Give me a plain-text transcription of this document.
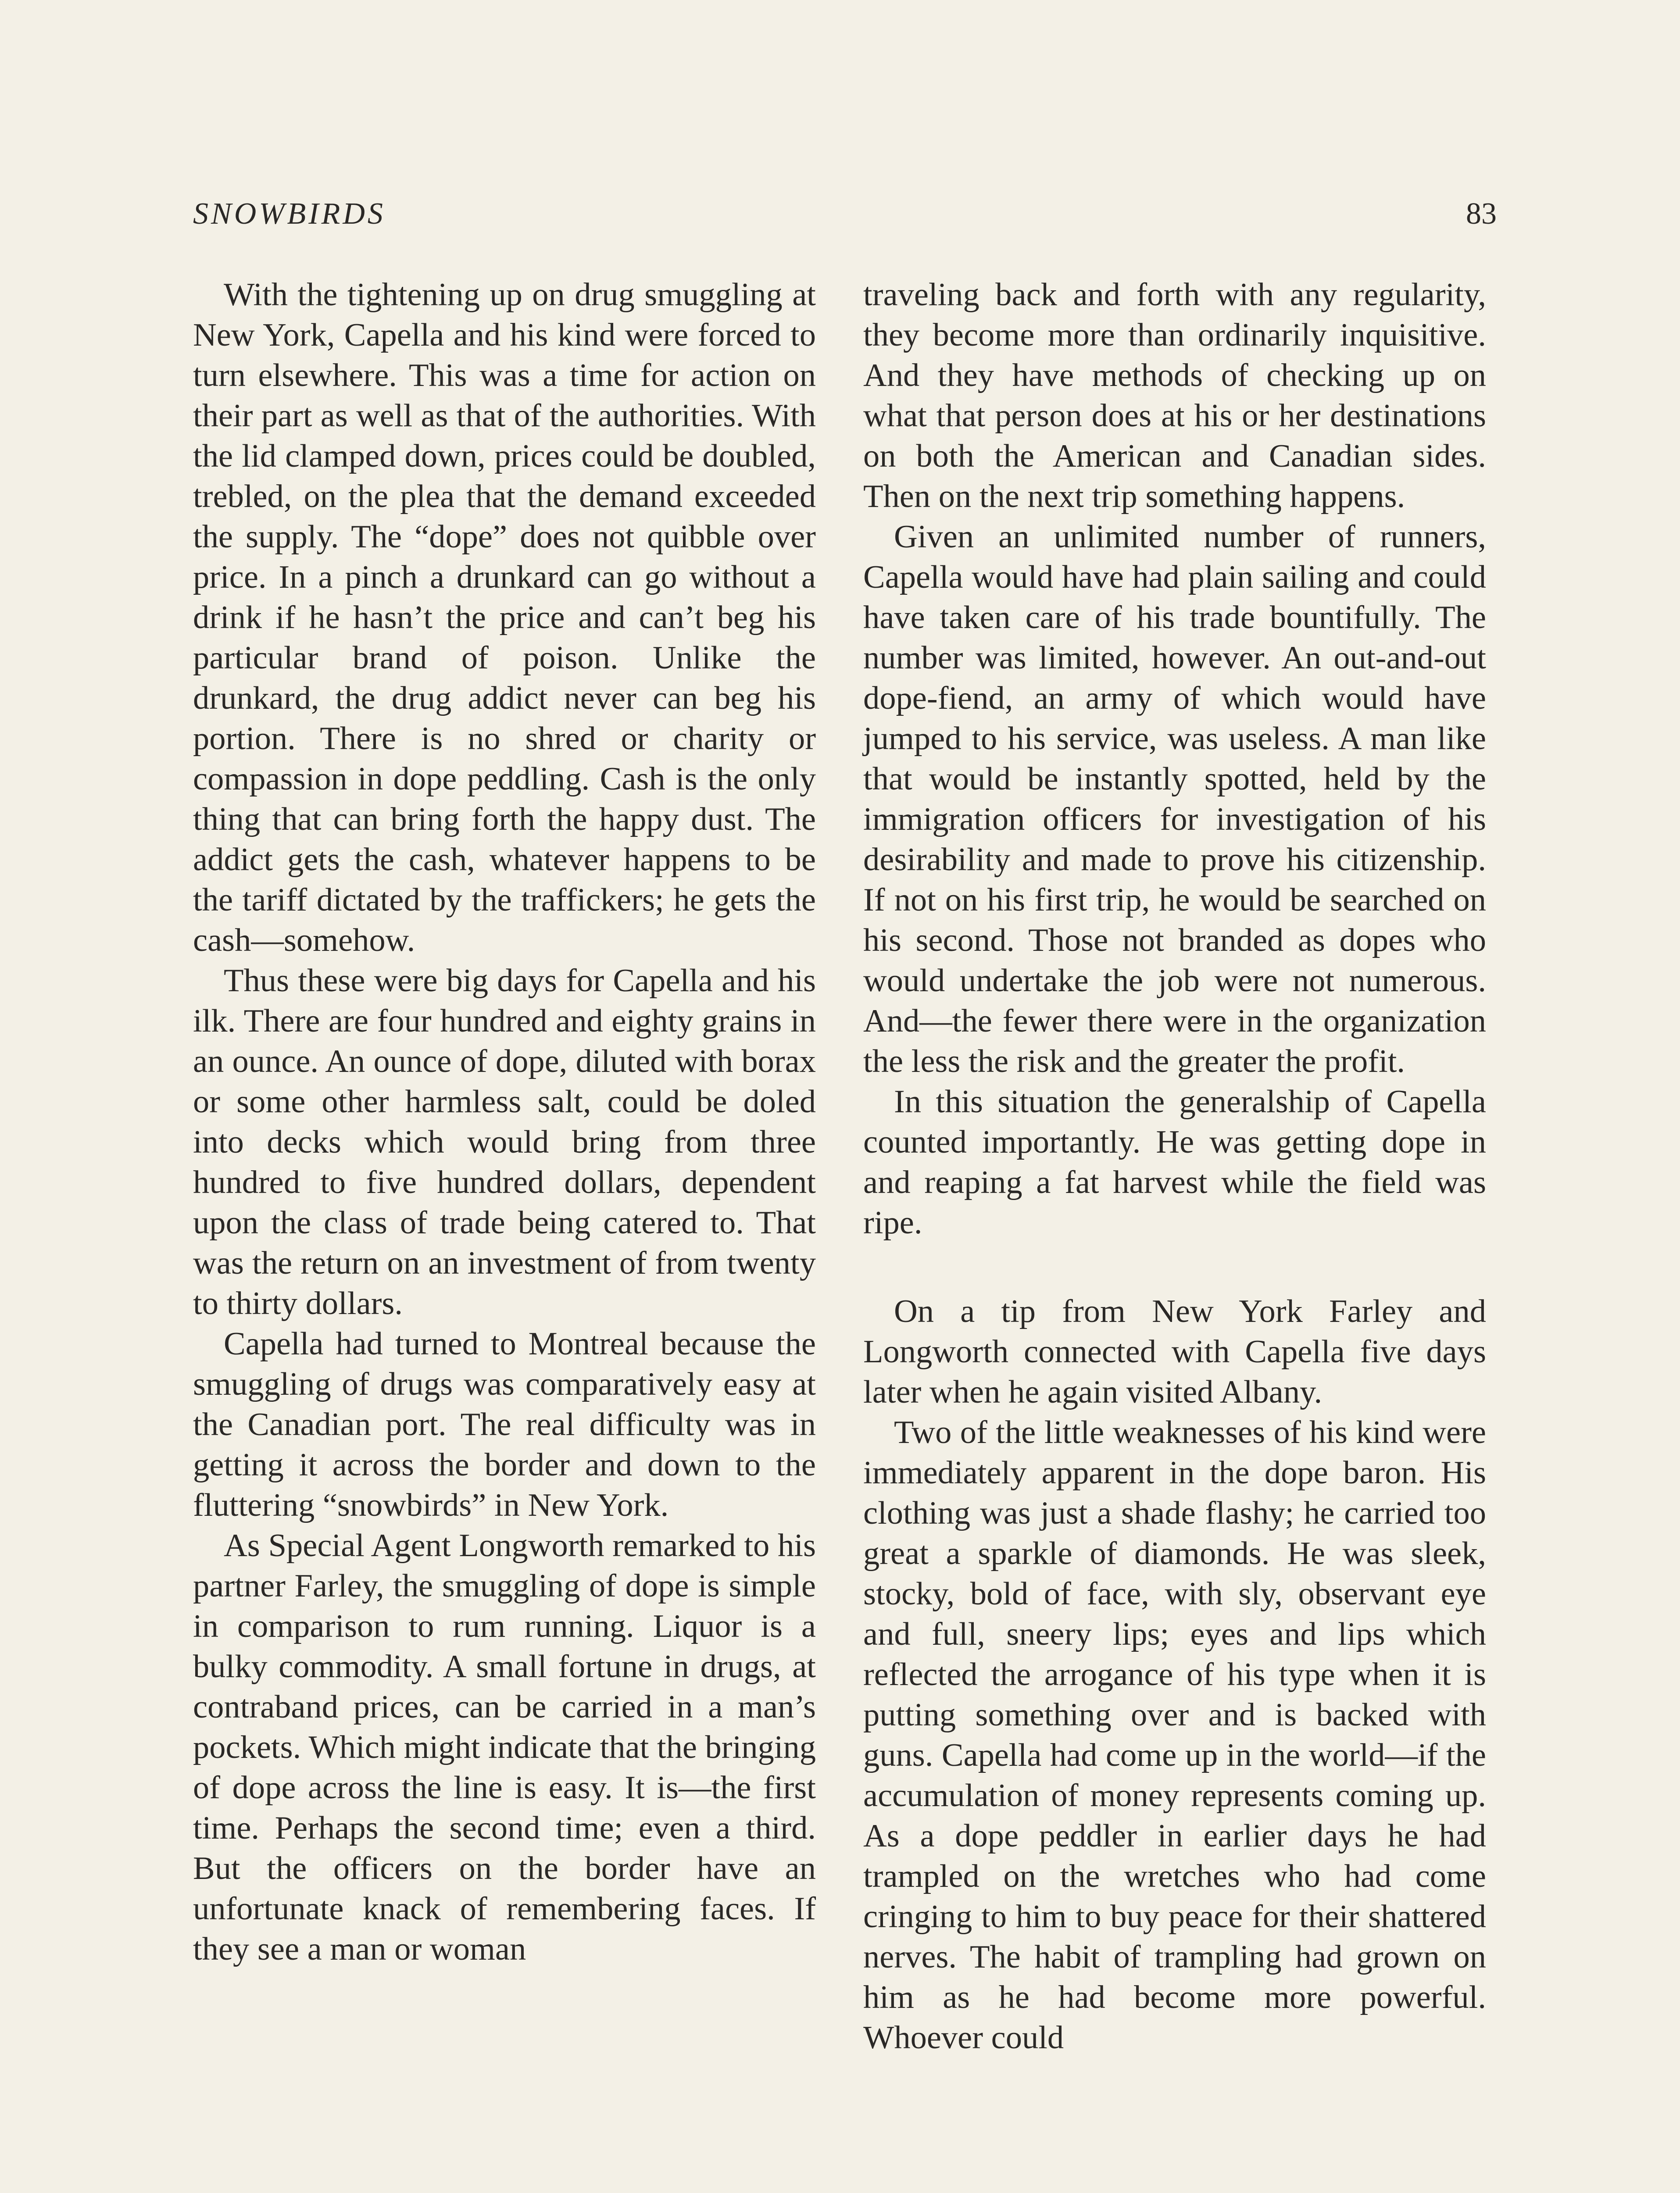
SNOWBIRDS	83

With the tightening up on drug smuggling at New York, Capella and his kind were forced to turn elsewhere. This was a time for action on their part as well as that of the authorities. With the lid clamped down, prices could be doubled, trebled, on the plea that the demand exceeded the supply. The “dope” does not quibble over price. In a pinch a drunkard can go without a drink if he hasn’t the price and can’t beg his particular brand of poison. Unlike the drunkard, the drug addict never can beg his portion. There is no shred or charity or compassion in dope peddling. Cash is the only thing that can bring forth the happy dust. The addict gets the cash, whatever happens to be the tariff dictated by the traffickers; he gets the cash—somehow.

Thus these were big days for Capella and his ilk. There are four hundred and eighty grains in an ounce. An ounce of dope, diluted with borax or some other harmless salt, could be doled into decks which would bring from three hundred to five hundred dollars, dependent upon the class of trade being catered to. That was the return on an investment of from twenty to thirty dollars.

Capella had turned to Montreal because the smuggling of drugs was comparatively easy at the Canadian port. The real difficulty was in getting it across the border and down to the fluttering “snowbirds” in New York.

As Special Agent Longworth remarked to his partner Farley, the smuggling of dope is simple in comparison to rum running. Liquor is a bulky commodity. A small fortune in drugs, at contraband prices, can be carried in a man’s pockets. Which might indicate that the bringing of dope across the line is easy. It is—the first time. Perhaps the second time; even a third. But the officers on the border have an unfortunate knack of remembering faces. If they see a man or woman

traveling back and forth with any regularity, they become more than ordinarily inquisitive. And they have methods of checking up on what that person does at his or her destinations on both the American and Canadian sides. Then on the next trip something happens.

Given an unlimited number of runners, Capella would have had plain sailing and could have taken care of his trade bountifully. The number was limited, however. An out-and-out dope-fiend, an army of which would have jumped to his service, was useless. A man like that would be instantly spotted, held by the immigration officers for investigation of his desirability and made to prove his citizenship. If not on his first trip, he would be searched on his second. Those not branded as dopes who would undertake the job were not numerous. And—the fewer there were in the organization the less the risk and the greater the profit.

In this situation the generalship of Capella counted importantly. He was getting dope in and reaping a fat harvest while the field was ripe.

On a tip from New York Farley and Longworth connected with Capella five days later when he again visited Albany.

Two of the little weaknesses of his kind were immediately apparent in the dope baron. His clothing was just a shade flashy; he carried too great a sparkle of diamonds. He was sleek, stocky, bold of face, with sly, observant eye and full, sneery lips; eyes and lips which reflected the arrogance of his type when it is putting something over and is backed with guns. Capella had come up in the world—if the accumulation of money represents coming up. As a dope peddler in earlier days he had trampled on the wretches who had come cringing to him to buy peace for their shattered nerves. The habit of trampling had grown on him as he had become more powerful. Whoever could
